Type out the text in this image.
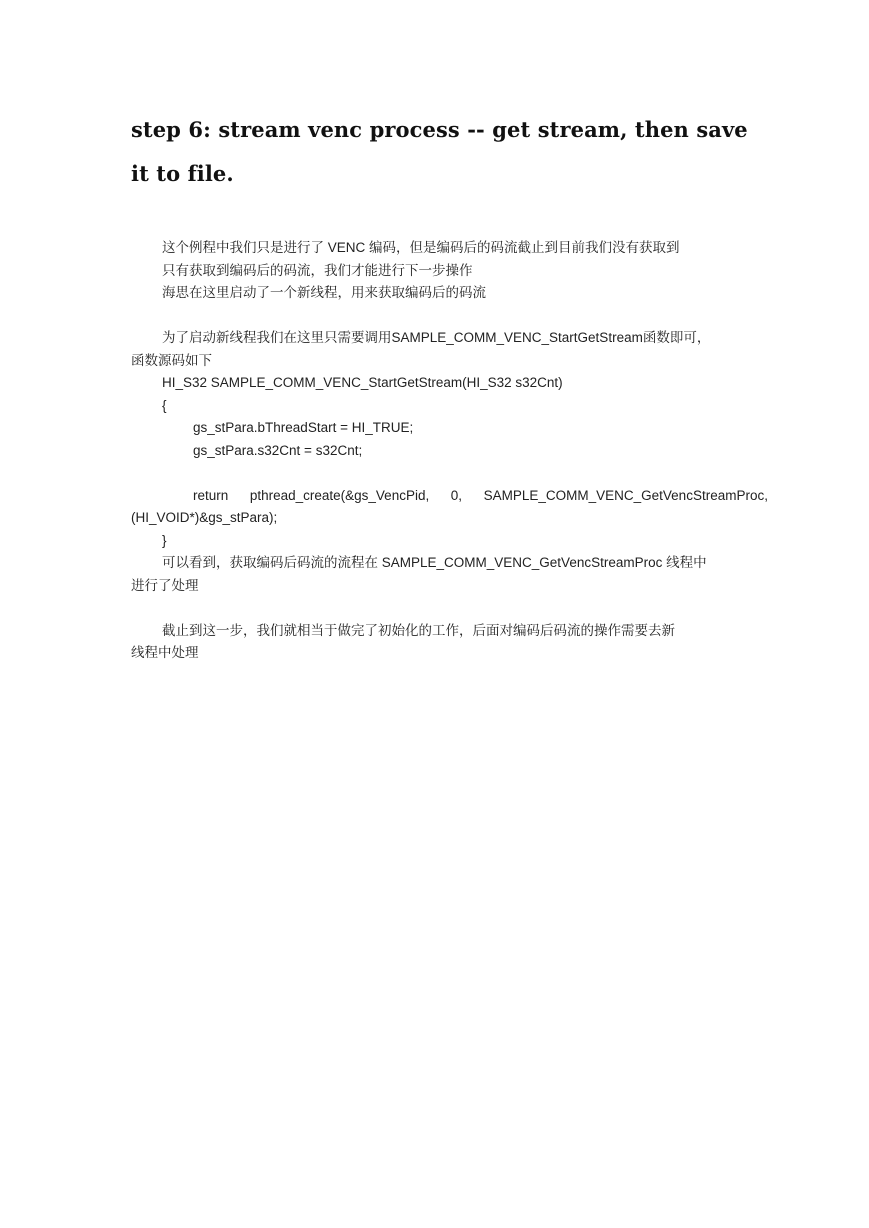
step 6: stream venc process -- get stream, then save it to file.
这个例程中我们只是进行了 VENC 编码，但是编码后的码流截止到目前我们没有获取到
只有获取到编码后的码流，我们才能进行下一步操作
海思在这里启动了一个新线程，用来获取编码后的码流
为了启动新线程我们在这里只需要调用SAMPLE_COMM_VENC_StartGetStream函数即可，
函数源码如下
HI_S32 SAMPLE_COMM_VENC_StartGetStream(HI_S32 s32Cnt)
{
gs_stPara.bThreadStart = HI_TRUE;
gs_stPara.s32Cnt = s32Cnt;
return pthread_create(&gs_VencPid, 0, SAMPLE_COMM_VENC_GetVencStreamProc,
(HI_VOID*)&gs_stPara);
}
可以看到，获取编码后码流的流程在 SAMPLE_COMM_VENC_GetVencStreamProc 线程中
进行了处理
截止到这一步，我们就相当于做完了初始化的工作，后面对编码后码流的操作需要去新
线程中处理
